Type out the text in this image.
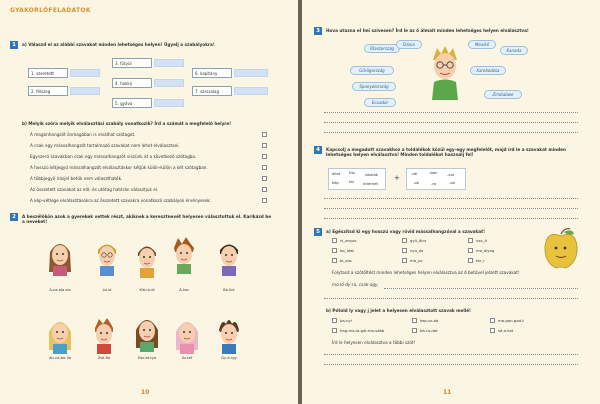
GYAKORLÓFELADATOK
1	a) Válaszd el az alábbi szavakat minden lehetséges helyen! Ügyelj a szabályokra!
1. szeretett
2. félszeg
3. fütyül
4. hokkij
5. gyáva
6. kapitány
7. sárszalag
b) Melyik szóra melyik elválasztási szabály vonatkozik? Írd a számát a megfelelő helyre!
A magánhangzót önmagában is elválhat szótagot.
A csak egy mássalhangzót tartalmazó szavakat nem lehet elválasztani.
Egyszerű szavakban csak egy mássalhangzót viszünk át a következő szótagba.
A hosszú kétjegyű mássalhangzót elválasztáskor kétjük külön-külön a két szótagban.
A többjegyű írásjel betűk nem választhatók.
Az összetett szavakat az elő- és utótag határán választjuk el.
A kép-vétlege elválasztásokra az összetett szavakra vonatkozó szabályok érvényesek.
2	A beszélőkön azok a gyerekek vettek részt, akiknek a keresztnevét helyesen választottuk el. Karikázd be a neveket!
A-na-sta-sia	Jul-ia	Klá-ra-di	Á-kos	Bá-lint
An-na-be-lla	Zsó-fia	Dor-ot-tya	Sz-tef	Gy-ö-rgy
10
3	Hova utazna el Imi szívesen? Írd le az ő álmait minden lehetséges helyen elválasztva!
Olaszország
Görögország
Spanyolország
Dánia
Ecuador
Kambodzsa
Mexikó
Kanada
Zimbabwe
4	Kapcsolj a megadott szavakhoz a toldalékok közül egy-egy megfelelőt, majd írd le a szavakat minden lehetséges helyen elválasztva! Minden toldalékot használj fel!
állat tűz	iskolák
kép	fal internet
+
-tól	-ban -val
-ok	-ra	-on
5	a) Egészítsd ki egy hosszú vagy rövid mássalhangzóval a szavakat!
vi_anyos	gyü_ölcs	vas_it
bo_ldat	nyú_ás	mo_ályog
bi_zos	mo_yo	ter_r
Folytasd a szótöltést minden lehetséges helyen elválasztva az ő betűvel jelzett szavakat!
mo-ló-dy-ra, csak-agy,
b) Pótold ly vagy j jelet a helyesen elválasztott szavak mellé!
ba-nyi	kep-sz-ab	ma-gan-gad-t
hag-ma-la-gál-ma-sább	bá-ra-dat	sé-a-kat
Írd le helyesen elválasztva a többi szót!
11
